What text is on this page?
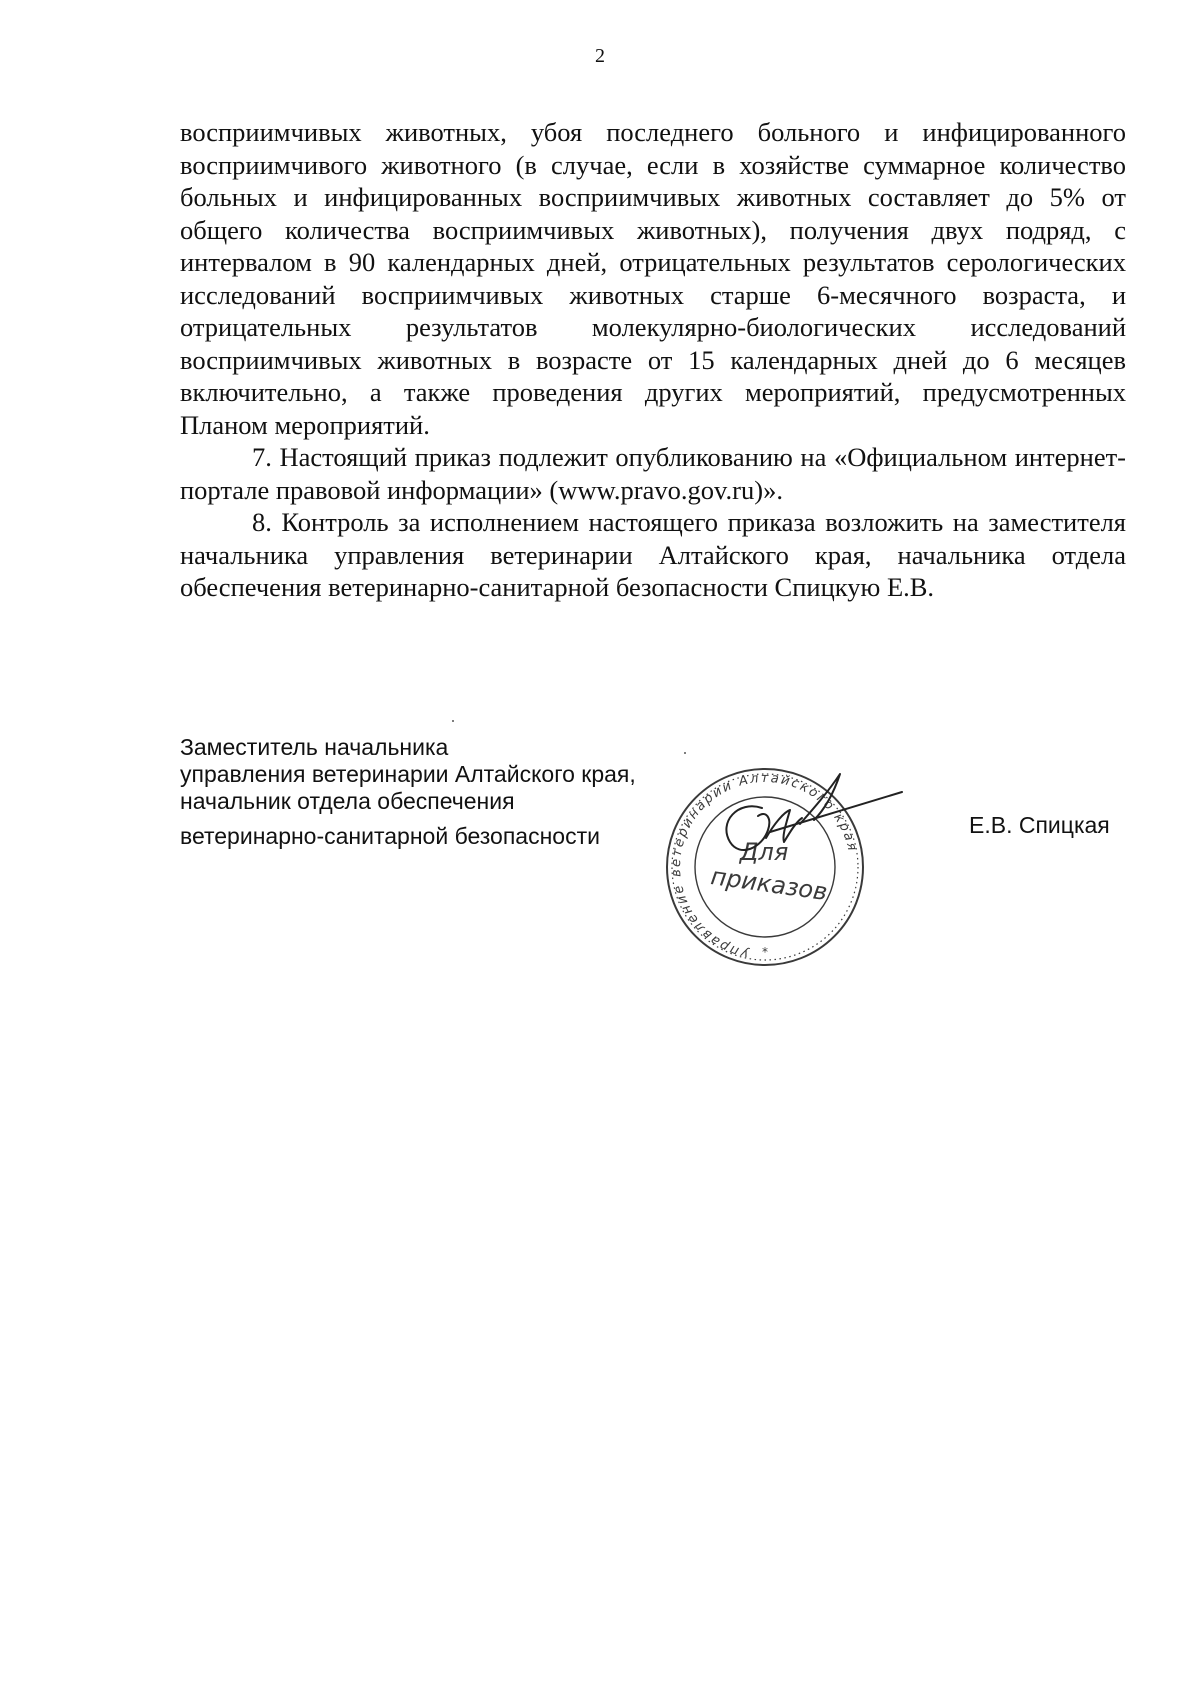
2

восприимчивых животных, убоя последнего больного и инфицированного восприимчивого животного (в случае, если в хозяйстве суммарное количество больных и инфицированных восприимчивых животных составляет до 5% от общего количества восприимчивых животных), получения двух подряд, с интервалом в 90 календарных дней, отрицательных результатов серологических исследований восприимчивых животных старше 6-месячного возраста, и отрицательных результатов молекулярно-биологических исследований восприимчивых животных в возрасте от 15 календарных дней до 6 месяцев включительно, а также проведения других мероприятий, предусмотренных Планом мероприятий.

7. Настоящий приказ подлежит опубликованию на «Официальном интернет-портале правовой информации» (www.pravo.gov.ru)».

8. Контроль за исполнением настоящего приказа возложить на заместителя начальника управления ветеринарии Алтайского края, начальника отдела обеспечения ветеринарно-санитарной безопасности Спицкую Е.В.

Заместитель начальника
управления ветеринарии Алтайского края,
начальник отдела обеспечения
ветеринарно-санитарной безопасности
управление ветеринарии Алтайского края
Для
приказов
*
Е.В. Спицкая
